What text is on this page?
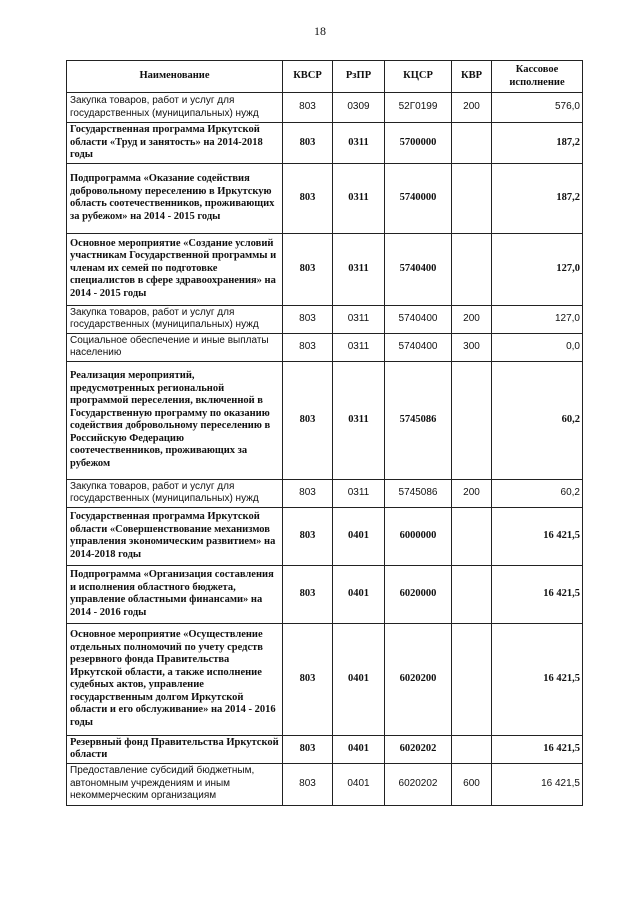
18
Наименование	КВСР	РзПР	КЦСР	КВР	Кассовое исполнение
Закупка товаров, работ и услуг для государственных (муниципальных) нужд	803	0309	52Г0199	200	576,0
Государственная программа Иркутской области «Труд и занятость» на 2014-2018 годы	803	0311	5700000		187,2
Подпрограмма «Оказание содействия добровольному переселению в Иркутскую область соотечественников, проживающих за рубежом» на 2014 - 2015 годы	803	0311	5740000		187,2
Основное мероприятие «Создание условий участникам Государственной программы и членам их семей по подготовке специалистов в сфере здравоохранения» на 2014 - 2015 годы	803	0311	5740400		127,0
Закупка товаров, работ и услуг для государственных (муниципальных) нужд	803	0311	5740400	200	127,0
Социальное обеспечение и иные выплаты населению	803	0311	5740400	300	0,0
Реализация мероприятий, предусмотренных региональной программой переселения, включенной в Государственную программу по оказанию содействия добровольному переселению в Российскую Федерацию соотечественников, проживающих за рубежом	803	0311	5745086		60,2
Закупка товаров, работ и услуг для государственных (муниципальных) нужд	803	0311	5745086	200	60,2
Государственная программа Иркутской области «Совершенствование механизмов управления экономическим развитием» на 2014-2018 годы	803	0401	6000000		16 421,5
Подпрограмма «Организация составления и исполнения областного бюджета, управление областными финансами» на 2014 - 2016 годы	803	0401	6020000		16 421,5
Основное мероприятие «Осуществление отдельных полномочий по учету средств резервного фонда Правительства Иркутской области, а также исполнение судебных актов, управление государственным долгом Иркутской области и его обслуживание» на 2014 - 2016 годы	803	0401	6020200		16 421,5
Резервный фонд Правительства Иркутской области	803	0401	6020202		16 421,5
Предоставление субсидий бюджетным, автономным учреждениям и иным некоммерческим организациям	803	0401	6020202	600	16 421,5
